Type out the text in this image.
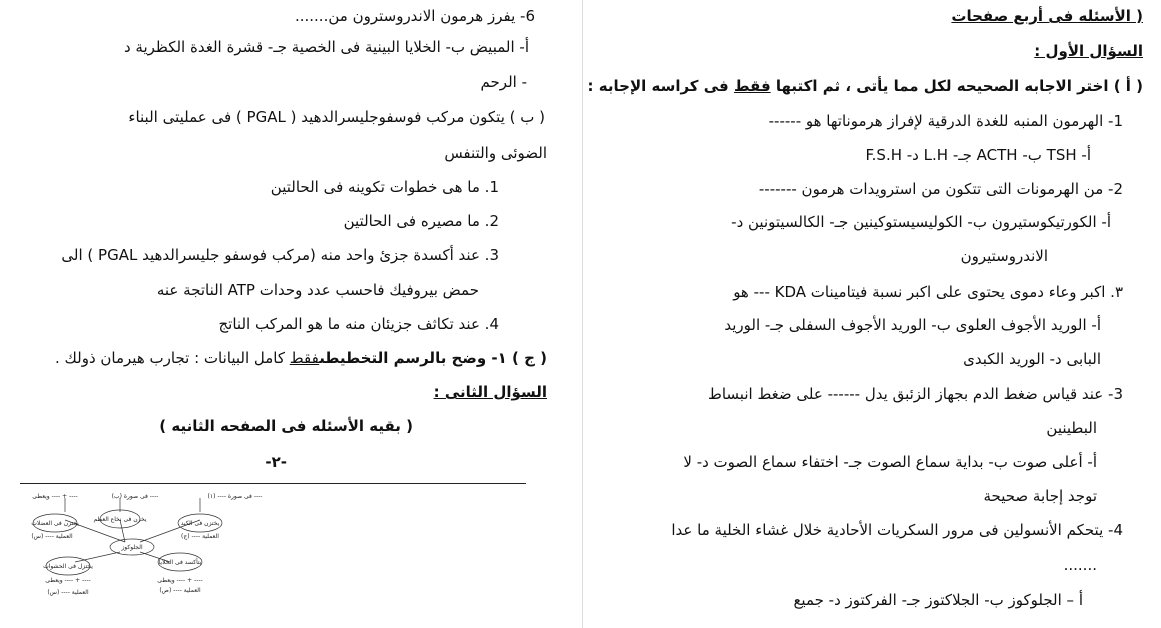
( الأسئله فى أربع صفحات
السؤال الأول :
( أ ) اختر الاجابه الصحيحه لكل مما يأتى ، ثم اكتبها فقط فى كراسه الإجابه :
1- الهرمون المنبه للغدة الدرقية لإفراز هرموناتها هو ------
أ- TSH ب- ACTH جـ- L.H د- F.S.H
2- من الهرمونات التى تتكون من استرويدات هرمون -------
أ- الكورتيكوستيرون ب- الكوليسيستوكينين جـ- الكالسيتونين د-
الاندروستيرون
٣. اكبر وعاء دموى يحتوى على اكبر نسبة فيتامينات KDA --- هو
أ- الوريد الأجوف العلوى ب- الوريد الأجوف السفلى جـ- الوريد
البابى د- الوريد الكبدى
3- عند قياس ضغط الدم بجهاز الزئبق يدل ------ على ضغط انبساط
البطينين
أ- أعلى صوت ب- بداية سماع الصوت جـ- اختفاء سماع الصوت د- لا
توجد إجابة صحيحة
4- يتحكم الأنسولين فى مرور السكريات الأحادية خلال غشاء الخلية ما عدا
.......
أ – الجلوكوز ب- الجلاكتوز جـ- الفركتوز د- جميع
6- يفرز هرمون الاندروسترون من.......
أ- المبيض ب- الخلايا البينية فى الخصية جـ- قشرة الغدة الكظرية د
- الرحم
( ب ) يتكون مركب فوسفوجليسرالدهيد ( PGAL ) فى عمليتى البناء
الضوئى والتنفس
1. ما هى خطوات تكوينه فى الحالتين
2. ما مصيره فى الحالتين
3. عند أكسدة جزئ واحد منه (مركب فوسفو جليسرالدهيد PGAL ) الى
حمض بيروفيك فاحسب عدد وحدات ATP الناتجة عنه
4. عند تكاثف جزيئان منه ما هو المركب الناتج
( ج ) ١- وضح بالرسم التخطيطىفقط كامل البيانات : تجارب هيرمان ذولك .
السؤال الثانى :
( بقيه الأسئله فى الصفحه الثانيه )
-٢-
الجلوكوز
يختزن فى العضلات
يخزن فى نخاع العظم
يختزن فى الكبد
يتأكسد فى الخلايا
يختزل فى الحشوات
فى صورة ---- (١) ----
فى صورة (ب) ----
ويعطى ---- + ----
العملية ---- (س)	العملية ---- (ج)
ويعطى ---- + ----
العملية ---- (س)
ويعطى ---- + ----
العملية ---- (ص)
